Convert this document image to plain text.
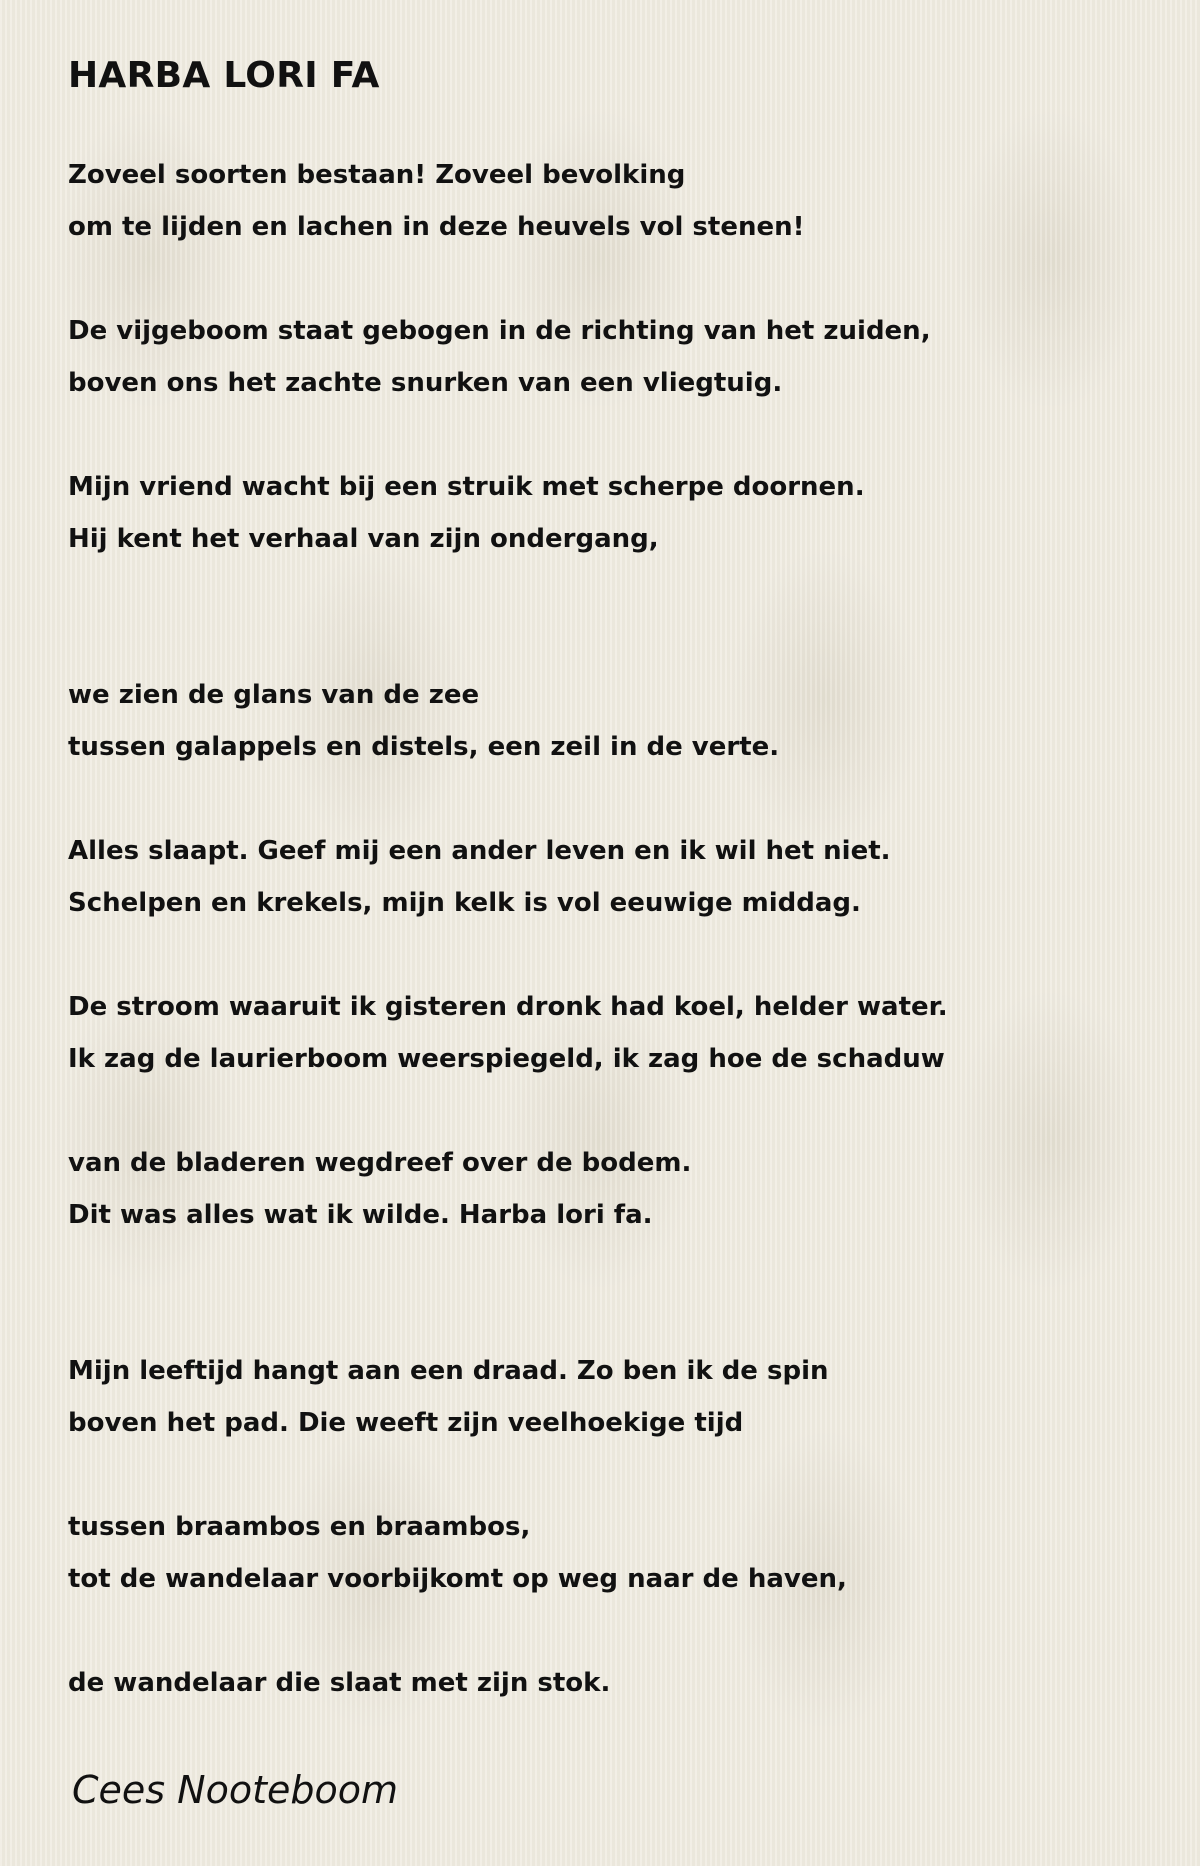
HARBA LORI FA

Zoveel soorten bestaan! Zoveel bevolking

om te lijden en lachen in deze heuvels vol stenen!

De vijgeboom staat gebogen in de richting van het zuiden,

boven ons het zachte snurken van een vliegtuig.

Mijn vriend wacht bij een struik met scherpe doornen.

Hij kent het verhaal van zijn ondergang,

we zien de glans van de zee

tussen galappels en distels, een zeil in de verte.

Alles slaapt. Geef mij een ander leven en ik wil het niet.

Schelpen en krekels, mijn kelk is vol eeuwige middag.

De stroom waaruit ik gisteren dronk had koel, helder water.

Ik zag de laurierboom weerspiegeld, ik zag hoe de schaduw

van de bladeren wegdreef over de bodem.

Dit was alles wat ik wilde. Harba lori fa.

Mijn leeftijd hangt aan een draad. Zo ben ik de spin

boven het pad. Die weeft zijn veelhoekige tijd

tussen braambos en braambos,

tot de wandelaar voorbijkomt op weg naar de haven,

de wandelaar die slaat met zijn stok.

Cees Nooteboom
